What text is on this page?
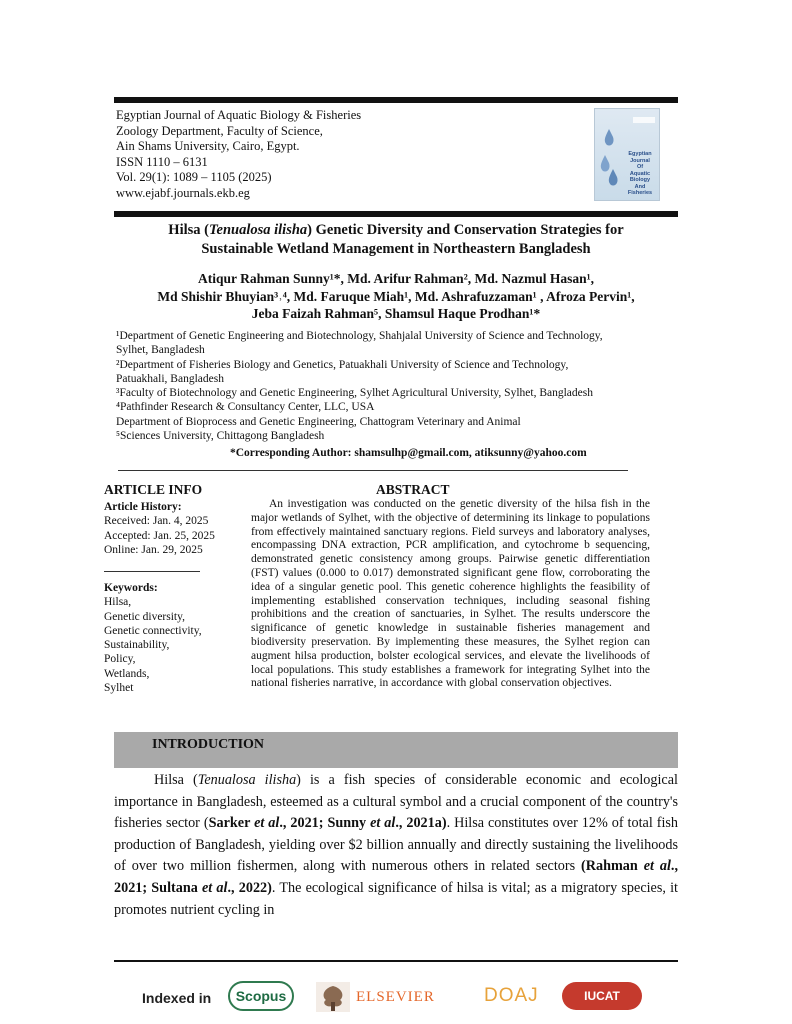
Egyptian Journal of Aquatic Biology & Fisheries
Zoology Department, Faculty of Science,
Ain Shams University, Cairo, Egypt.
ISSN 1110 – 6131
Vol. 29(1): 1089 – 1105 (2025)
www.ejabf.journals.ekb.eg
Egyptian Journal
Of
Aquatic Biology
And
Fisheries
Hilsa (Tenualosa ilisha) Genetic Diversity and Conservation Strategies for
Sustainable Wetland Management in Northeastern Bangladesh
Atiqur Rahman Sunny¹*, Md. Arifur Rahman², Md. Nazmul Hasan¹,
Md Shishir Bhuyian³˒⁴, Md. Faruque Miah¹, Md. Ashrafuzzaman¹ , Afroza Pervin¹,
Jeba Faizah Rahman⁵, Shamsul Haque Prodhan¹*
¹Department of Genetic Engineering and Biotechnology, Shahjalal University of Science and Technology,
Sylhet, Bangladesh
²Department of Fisheries Biology and Genetics, Patuakhali University of Science and Technology,
Patuakhali, Bangladesh
³Faculty of Biotechnology and Genetic Engineering, Sylhet Agricultural University, Sylhet, Bangladesh
⁴Pathfinder Research & Consultancy Center, LLC, USA
Department of Bioprocess and Genetic Engineering, Chattogram Veterinary and Animal
⁵Sciences University, Chittagong Bangladesh
*Corresponding Author: shamsulhp@gmail.com, atiksunny@yahoo.com
ARTICLE INFO
Article History:
Received: Jan. 4, 2025
Accepted: Jan. 25, 2025
Online: Jan. 29, 2025
Keywords:
Hilsa,
Genetic diversity,
Genetic connectivity,
Sustainability,
Policy,
Wetlands,
Sylhet
ABSTRACT
An investigation was conducted on the genetic diversity of the hilsa fish in the major wetlands of Sylhet, with the objective of determining its linkage to populations from effectively maintained sanctuary regions. Field surveys and laboratory analyses, encompassing DNA extraction, PCR amplification, and cytochrome b sequencing, demonstrated genetic consistency among groups. Pairwise genetic differentiation (FST) values (0.000 to 0.017) demonstrated significant gene flow, corroborating the idea of a singular genetic pool. This genetic coherence highlights the feasibility of implementing established conservation techniques, including seasonal fishing prohibitions and the creation of sanctuaries, in Sylhet. The results underscore the significance of genetic knowledge in sustainable fisheries management and biodiversity preservation. By implementing these measures, the Sylhet region can augment hilsa production, bolster ecological services, and elevate the livelihoods of local populations. This study establishes a framework for integrating Sylhet into the national fisheries narrative, in accordance with global conservation objectives.
INTRODUCTION
Hilsa (Tenualosa ilisha) is a fish species of considerable economic and ecological importance in Bangladesh, esteemed as a cultural symbol and a crucial component of the country's fisheries sector (Sarker et al., 2021; Sunny et al., 2021a). Hilsa constitutes over 12% of total fish production of Bangladesh, yielding over $2 billion annually and directly sustaining the livelihoods of over two million fishermen, along with numerous others in related sectors (Rahman et al., 2021; Sultana et al., 2022). The ecological significance of hilsa is vital; as a migratory species, it promotes nutrient cycling in
Indexed in	Scopus	ELSEVIER	DOAJ	IUCAT
